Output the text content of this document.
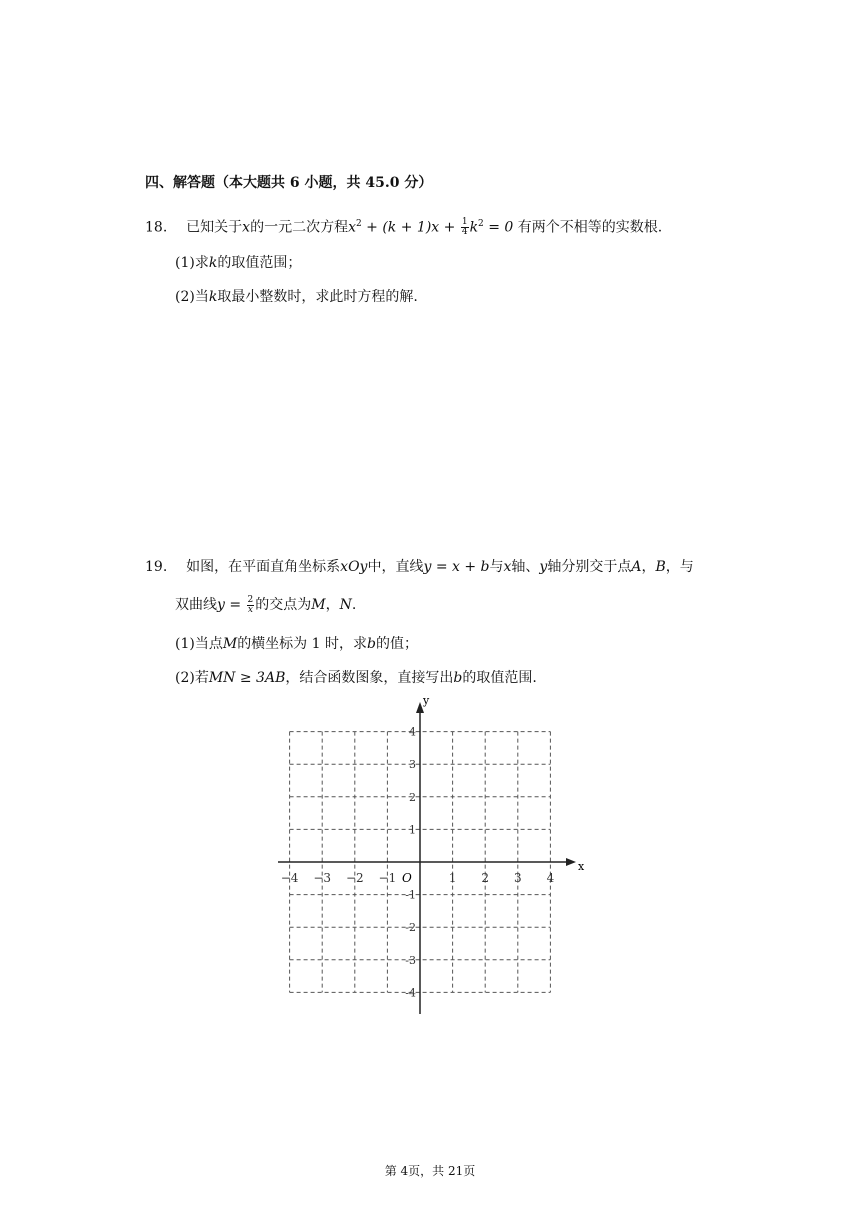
四、解答题（本大题共 6 小题，共 45.0 分）
18. 已知关于x的一元二次方程$x^2 + (k + 1)x + \frac{1}{4} k^2 = 0$ 有两个不相等的实数根.
(1)求k的取值范围；
(2)当k取最小整数时，求此时方程的解.
19. 如图，在平面直角坐标系xOy中，直线y = x + b与x轴、y轴分别交于点A，B，与
双曲线$y = \frac{2}{x}$ 的交点为M，N.
(1)当点M的横坐标为 1 时，求b的值；
(2)若MN ≥ 3AB，结合函数图象，直接写出b的取值范围.
x
y
O
−4 −3 −2 −1	1 2 3 4
4
3
2
1
-1
-2
-3
-4
第 4页，共 21页
